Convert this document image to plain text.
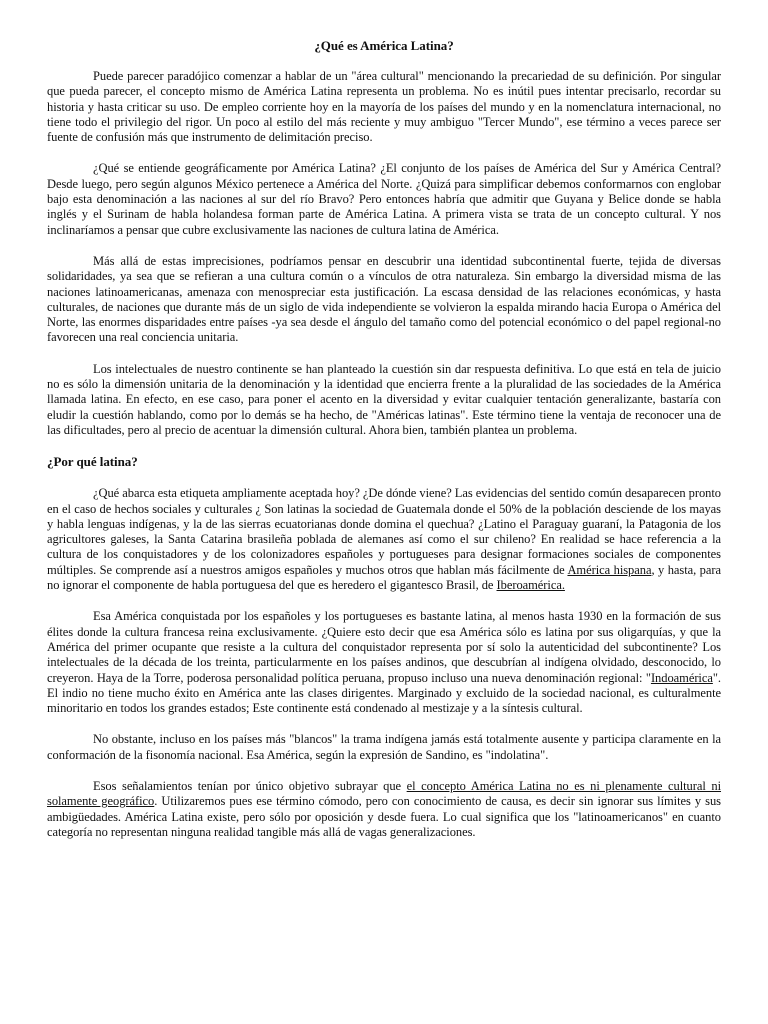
¿Qué es América Latina?

Puede parecer paradójico comenzar a hablar de un "área cultural" mencionando la precariedad de su definición. Por singular que pueda parecer, el concepto mismo de América Latina representa un problema. No es inútil pues intentar precisarlo, recordar su historia y hasta criticar su uso. De empleo corriente hoy en la mayoría de los países del mundo y en la nomenclatura internacional, no tiene todo el privilegio del rigor. Un poco al estilo del más reciente y muy ambiguo "Tercer Mundo", ese término a veces parece ser fuente de confusión más que instrumento de delimitación preciso.

¿Qué se entiende geográficamente por América Latina? ¿El conjunto de los países de América del Sur y América Central? Desde luego, pero según algunos México pertenece a América del Norte. ¿Quizá para simplificar debemos conformarnos con englobar bajo esta denominación a las naciones al sur del río Bravo? Pero entonces habría que admitir que Guyana y Belice donde se habla inglés y el Surinam de habla holandesa forman parte de América Latina. A primera vista se trata de un concepto cultural. Y nos inclinaríamos a pensar que cubre exclusivamente las naciones de cultura latina de América.

Más allá de estas imprecisiones, podríamos pensar en descubrir una identidad subcontinental fuerte, tejida de diversas solidaridades, ya sea que se refieran a una cultura común o a vínculos de otra naturaleza. Sin embargo la diversidad misma de las naciones latinoamericanas, amenaza con menospreciar esta justificación. La escasa densidad de las relaciones económicas, y hasta culturales, de naciones que durante más de un siglo de vida independiente se volvieron la espalda mirando hacia Europa o América del Norte, las enormes disparidades entre países -ya sea desde el ángulo del tamaño como del potencial económico o del papel regional-no favorecen una real conciencia unitaria.

Los intelectuales de nuestro continente se han planteado la cuestión sin dar respuesta definitiva. Lo que está en tela de juicio no es sólo la dimensión unitaria de la denominación y la identidad que encierra frente a la pluralidad de las sociedades de la América llamada latina. En efecto, en ese caso, para poner el acento en la diversidad y evitar cualquier tentación generalizante, bastaría con eludir la cuestión hablando, como por lo demás se ha hecho, de "Américas latinas". Este término tiene la ventaja de reconocer una de las dificultades, pero al precio de acentuar la dimensión cultural. Ahora bien, también plantea un problema.

¿Por qué latina?

¿Qué abarca esta etiqueta ampliamente aceptada hoy? ¿De dónde viene? Las evidencias del sentido común desaparecen pronto en el caso de hechos sociales y culturales ¿ Son latinas la sociedad de Guatemala donde el 50% de la población desciende de los mayas y habla lenguas indígenas, y la de las sierras ecuatorianas donde domina el quechua? ¿Latino el Paraguay guaraní, la Patagonia de los agricultores galeses, la Santa Catarina brasileña poblada de alemanes así como el sur chileno? En realidad se hace referencia a la cultura de los conquistadores y de los colonizadores españoles y portugueses para designar formaciones sociales de componentes múltiples. Se comprende así a nuestros amigos españoles y muchos otros que hablan más fácilmente de América hispana, y hasta, para no ignorar el componente de habla portuguesa del que es heredero el gigantesco Brasil, de Iberoamérica.

Esa América conquistada por los españoles y los portugueses es bastante latina, al menos hasta 1930 en la formación de sus élites donde la cultura francesa reina exclusivamente. ¿Quiere esto decir que esa América sólo es latina por sus oligarquías, y que la América del primer ocupante que resiste a la cultura del conquistador representa por sí solo la autenticidad del subcontinente? Los intelectuales de la década de los treinta, particularmente en los países andinos, que descubrían al indígena olvidado, desconocido, lo creyeron. Haya de la Torre, poderosa personalidad política peruana, propuso incluso una nueva denominación regional: "Indoamérica". El indio no tiene mucho éxito en América ante las clases dirigentes. Marginado y excluido de la sociedad nacional, es culturalmente minoritario en todos los grandes estados; Este continente está condenado al mestizaje y a la síntesis cultural.

No obstante, incluso en los países más "blancos" la trama indígena jamás está totalmente ausente y participa claramente en la conformación de la fisonomía nacional. Esa América, según la expresión de Sandino, es "indolatina".

Esos señalamientos tenían por único objetivo subrayar que el concepto América Latina no es ni plenamente cultural ni solamente geográfico. Utilizaremos pues ese término cómodo, pero con conocimiento de causa, es decir sin ignorar sus límites y sus ambigüedades. América Latina existe, pero sólo por oposición y desde fuera. Lo cual significa que los "latinoamericanos" en cuanto categoría no representan ninguna realidad tangible más allá de vagas generalizaciones.
